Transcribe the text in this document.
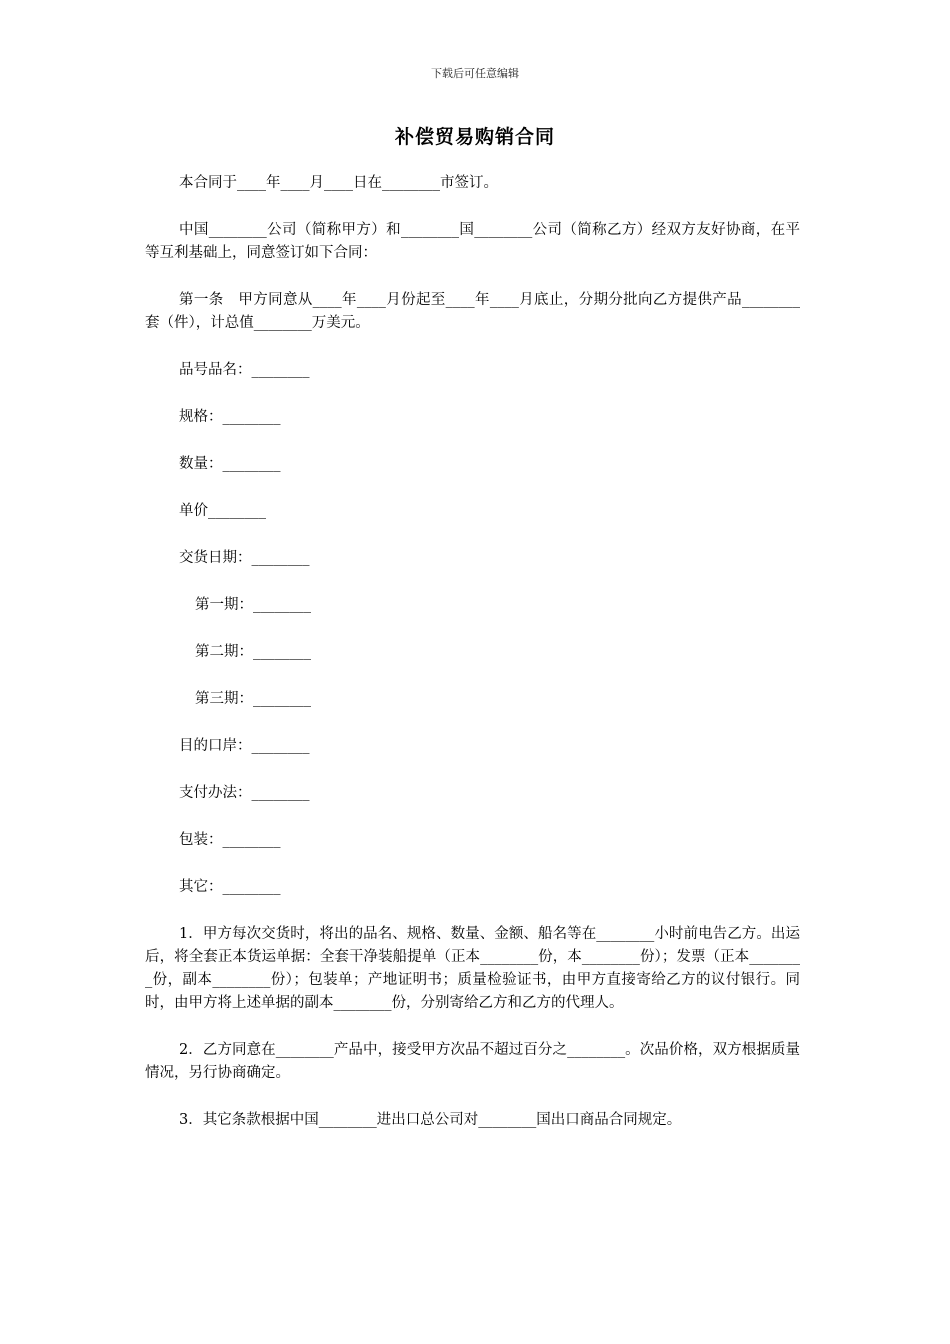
下载后可任意编辑
补偿贸易购销合同

本合同于____年____月____日在________市签订。

中国________公司（简称甲方）和________国________公司（简称乙方）经双方友好协商，在平等互利基础上，同意签订如下合同：

第一条　甲方同意从____年____月份起至____年____月底止，分期分批向乙方提供产品________套（件），计总值________万美元。

品号品名：________
规格：________
数量：________
单价________
交货日期：________
第一期：________
第二期：________
第三期：________
目的口岸：________
支付办法：________
包装：________
其它：________

1．甲方每次交货时，将出的品名、规格、数量、金额、船名等在________小时前电告乙方。出运后，将全套正本货运单据：全套干净装船提单（正本________份，本________份）；发票（正本________份，副本________份）；包装单；产地证明书；质量检验证书，由甲方直接寄给乙方的议付银行。同时，由甲方将上述单据的副本________份，分别寄给乙方和乙方的代理人。

2．乙方同意在________产品中，接受甲方次品不超过百分之________。次品价格，双方根据质量情况，另行协商确定。

3．其它条款根据中国________进出口总公司对________国出口商品合同规定。
